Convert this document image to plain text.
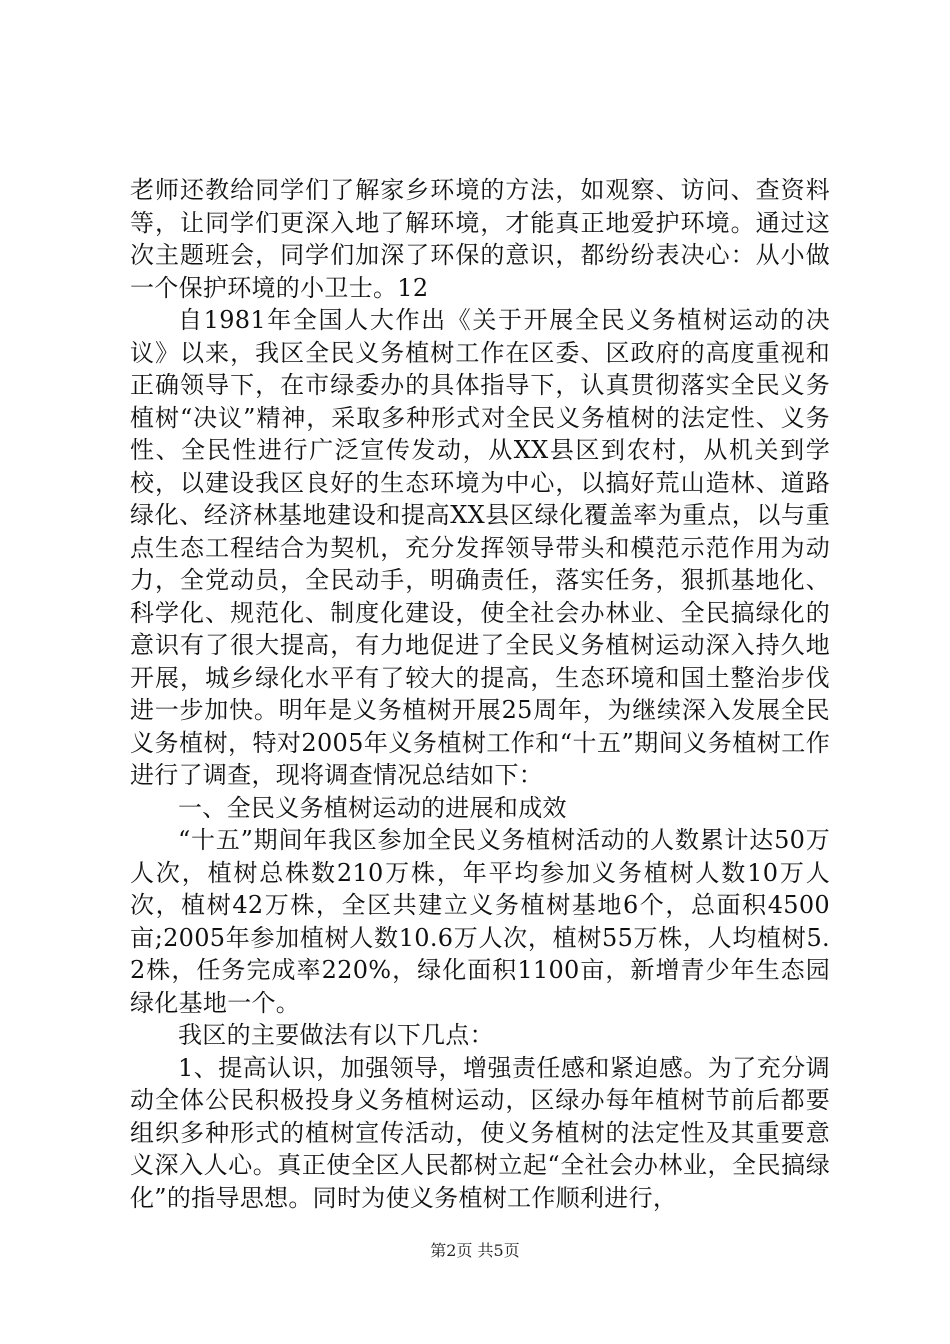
老师还教给同学们了解家乡环境的方法，如观察、访问、查资料等，让同学们更深入地了解环境，才能真正地爱护环境。通过这次主题班会，同学们加深了环保的意识，都纷纷表决心：从小做一个保护环境的小卫士。12

自1981年全国人大作出《关于开展全民义务植树运动的决议》以来，我区全民义务植树工作在区委、区政府的高度重视和正确领导下，在市绿委办的具体指导下，认真贯彻落实全民义务植树“决议”精神，采取多种形式对全民义务植树的法定性、义务性、全民性进行广泛宣传发动，从XX县区到农村，从机关到学校，以建设我区良好的生态环境为中心，以搞好荒山造林、道路绿化、经济林基地建设和提高XX县区绿化覆盖率为重点，以与重点生态工程结合为契机，充分发挥领导带头和模范示范作用为动力，全党动员，全民动手，明确责任，落实任务，狠抓基地化、科学化、规范化、制度化建设，使全社会办林业、全民搞绿化的意识有了很大提高，有力地促进了全民义务植树运动深入持久地开展，城乡绿化水平有了较大的提高，生态环境和国土整治步伐进一步加快。明年是义务植树开展25周年，为继续深入发展全民义务植树，特对2005年义务植树工作和“十五”期间义务植树工作进行了调查，现将调查情况总结如下：

一、全民义务植树运动的进展和成效

“十五”期间年我区参加全民义务植树活动的人数累计达50万人次，植树总株数210万株，年平均参加义务植树人数10万人次，植树42万株，全区共建立义务植树基地6个，总面积4500亩;2005年参加植树人数10.6万人次，植树55万株，人均植树5.2株，任务完成率220%，绿化面积1100亩，新增青少年生态园绿化基地一个。

我区的主要做法有以下几点：

1、提高认识，加强领导，增强责任感和紧迫感。为了充分调动全体公民积极投身义务植树运动，区绿办每年植树节前后都要组织多种形式的植树宣传活动，使义务植树的法定性及其重要意义深入人心。真正使全区人民都树立起“全社会办林业，全民搞绿化”的指导思想。同时为使义务植树工作顺利进行，

第2页 共5页
